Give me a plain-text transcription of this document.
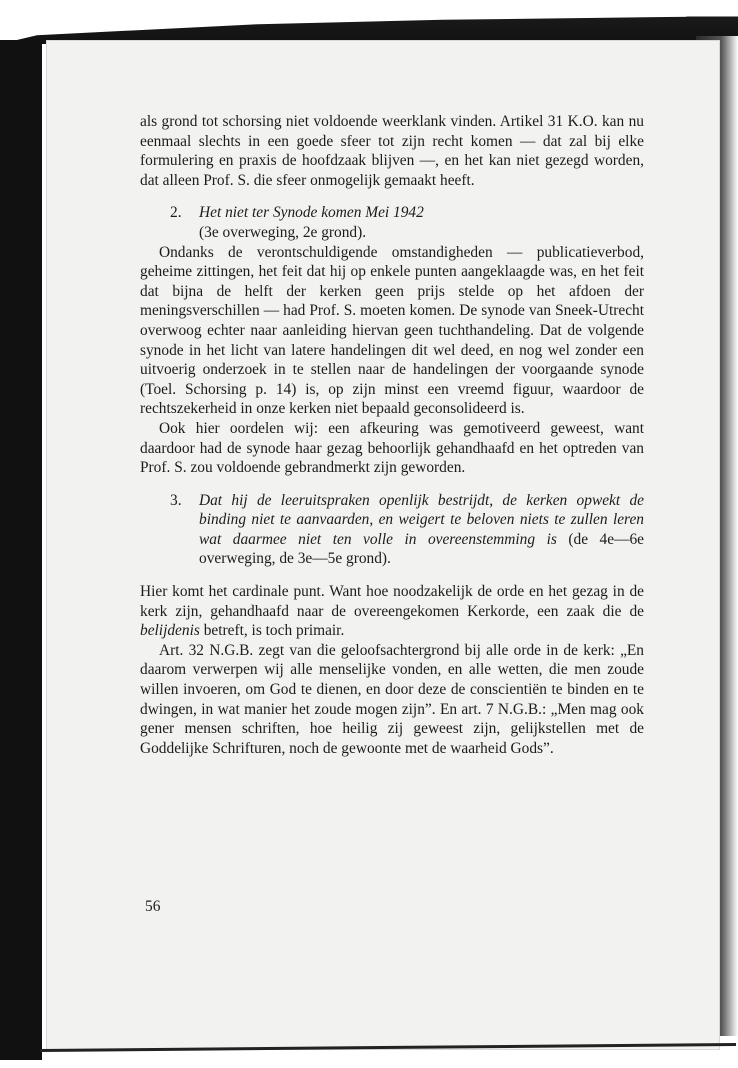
als grond tot schorsing niet voldoende weerklank vinden. Artikel 31 K.O. kan nu eenmaal slechts in een goede sfeer tot zijn recht komen — dat zal bij elke formulering en praxis de hoofdzaak blijven —, en het kan niet gezegd worden, dat alleen Prof. S. die sfeer onmogelijk gemaakt heeft.

2.	Het niet ter Synode komen Mei 1942
(3e overweging, 2e grond).

Ondanks de verontschuldigende omstandigheden — publicatieverbod, geheime zittingen, het feit dat hij op enkele punten aangeklaagde was, en het feit dat bijna de helft der kerken geen prijs stelde op het afdoen der meningsverschillen — had Prof. S. moeten komen. De synode van Sneek-Utrecht overwoog echter naar aanleiding hiervan geen tuchthandeling. Dat de volgende synode in het licht van latere handelingen dit wel deed, en nog wel zonder een uitvoerig onderzoek in te stellen naar de handelingen der voorgaande synode (Toel. Schorsing p. 14) is, op zijn minst een vreemd figuur, waardoor de rechtszekerheid in onze kerken niet bepaald geconsolideerd is.

Ook hier oordelen wij: een afkeuring was gemotiveerd geweest, want daardoor had de synode haar gezag behoorlijk gehandhaafd en het optreden van Prof. S. zou voldoende gebrandmerkt zijn geworden.

3.	Dat hij de leeruitspraken openlijk bestrijdt, de kerken opwekt de binding niet te aanvaarden, en weigert te beloven niets te zullen leren wat daarmee niet ten volle in overeenstemming is (de 4e—6e overweging, de 3e—5e grond).

Hier komt het cardinale punt. Want hoe noodzakelijk de orde en het gezag in de kerk zijn, gehandhaafd naar de overeengekomen Kerkorde, een zaak die de belijdenis betreft, is toch primair.

Art. 32 N.G.B. zegt van die geloofsachtergrond bij alle orde in de kerk: „En daarom verwerpen wij alle menselijke vonden, en alle wetten, die men zoude willen invoeren, om God te dienen, en door deze de conscientiën te binden en te dwingen, in wat manier het zoude mogen zijn”. En art. 7 N.G.B.: „Men mag ook gener mensen schriften, hoe heilig zij geweest zijn, gelijkstellen met de Goddelijke Schrifturen, noch de gewoonte met de waarheid Gods”.

56
